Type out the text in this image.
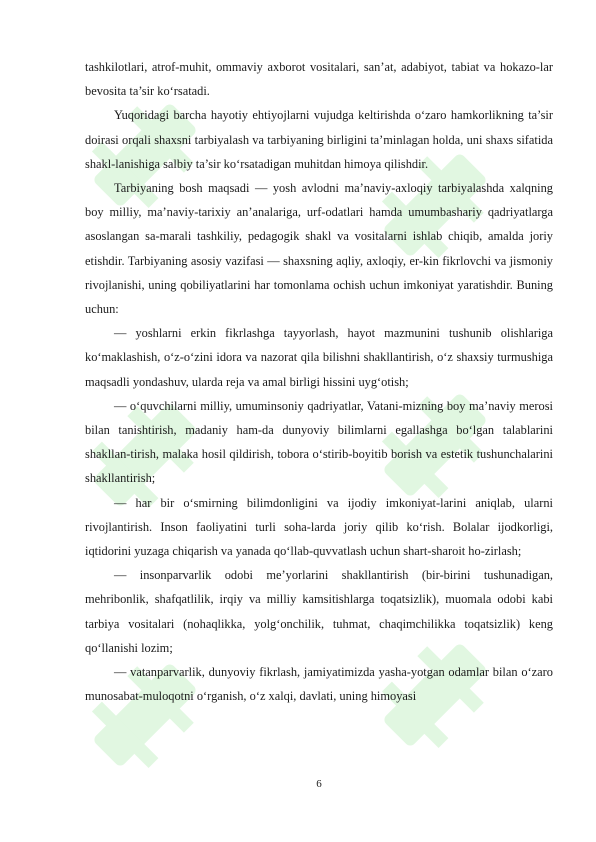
tashkilotlari, atrof-muhit, ommaviy axborot vositalari, san’at, adabiyot, tabiat va hokazo-lar bevosita ta’sir ko‘rsatadi.

Yuqoridagi barcha hayotiy ehtiyojlarni vujudga keltirishda o‘zaro hamkorlikning ta’sir doirasi orqali shaxsni tarbiyalash va tarbiyaning birligini ta’minlagan holda, uni shaxs sifatida shakl-lanishiga salbiy ta’sir ko‘rsatadigan muhitdan himoya qilishdir.

Tarbiyaning bosh maqsadi — yosh avlodni ma’naviy-axloqiy tarbiyalashda xalqning boy milliy, ma’naviy-tarixiy an’analariga, urf-odatlari hamda umumbashariy qadriyatlarga asoslangan sa-marali tashkiliy, pedagogik shakl va vositalarni ishlab chiqib, amalda joriy etishdir. Tarbiyaning asosiy vazifasi — shaxsning aqliy, axloqiy, er-kin fikrlovchi va jismoniy rivojlanishi, uning qobiliyatlarini har tomonlama ochish uchun imkoniyat yaratishdir. Buning uchun:

— yoshlarni erkin fikrlashga tayyorlash, hayot mazmunini tushunib olishlariga ko‘maklashish, o‘z-o‘zini idora va nazorat qila bilishni shakllantirish, o‘z shaxsiy turmushiga maqsadli yondashuv, ularda reja va amal birligi hissini uyg‘otish;

— o‘quvchilarni milliy, umuminsoniy qadriyatlar, Vatani-mizning boy ma’naviy merosi bilan tanishtirish, madaniy ham-da dunyoviy bilimlarni egallashga bo‘lgan talablarini shakllan-tirish, malaka hosil qildirish, tobora o‘stirib-boyitib borish va estetik tushunchalarini shakllantirish;

— har bir o‘smirning bilimdonligini va ijodiy imkoniyat-larini aniqlab, ularni rivojlantirish. Inson faoliyatini turli soha-larda joriy qilib ko‘rish. Bolalar ijodkorligi, iqtidorini yuzaga chiqarish va yanada qo‘llab-quvvatlash uchun shart-sharoit ho-zirlash;

— insonparvarlik odobi me’yorlarini shakllantirish (bir-birini tushunadigan, mehribonlik, shafqatlilik, irqiy va milliy kamsitishlarga toqatsizlik), muomala odobi kabi tarbiya vositalari (nohaqlikka, yolg‘onchilik, tuhmat, chaqimchilikka toqatsizlik) keng qo‘llanishi lozim;

— vatanparvarlik, dunyoviy fikrlash, jamiyatimizda yasha-yotgan odamlar bilan o‘zaro munosabat-muloqotni o‘rganish, o‘z xalqi, davlati, uning himoyasi

6
